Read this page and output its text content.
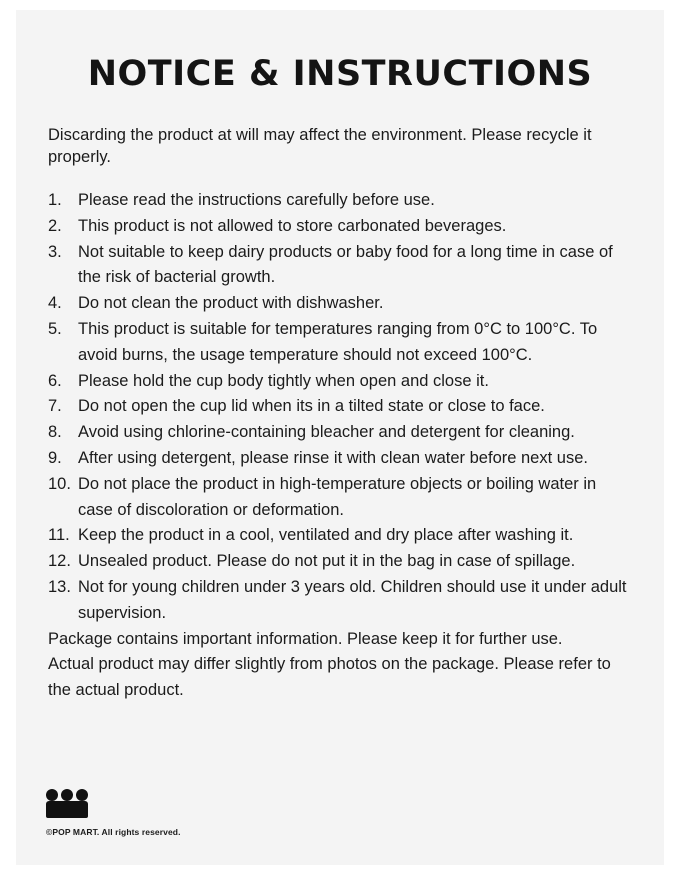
NOTICE & INSTRUCTIONS

Discarding the product at will may affect the environment. Please recycle it properly.

1. Please read the instructions carefully before use.
2. This product is not allowed to store carbonated beverages.
3. Not suitable to keep dairy products or baby food for a long time in case of the risk of bacterial growth.
4. Do not clean the product with dishwasher.
5. This product is suitable for temperatures ranging from 0°C to 100°C. To avoid burns, the usage temperature should not exceed 100°C.
6. Please hold the cup body tightly when open and close it.
7. Do not open the cup lid when its in a tilted state or close to face.
8. Avoid using chlorine-containing bleacher and detergent for cleaning.
9. After using detergent, please rinse it with clean water before next use.
10. Do not place the product in high-temperature objects or boiling water in case of discoloration or deformation.
11. Keep the product in a cool, ventilated and dry place after washing it.
12. Unsealed product. Please do not put it in the bag in case of spillage.
13. Not for young children under 3 years old. Children should use it under adult supervision.

Package contains important information. Please keep it for further use.

Actual product may differ slightly from photos on the package. Please refer to the actual product.

©POP MART. All rights reserved.
